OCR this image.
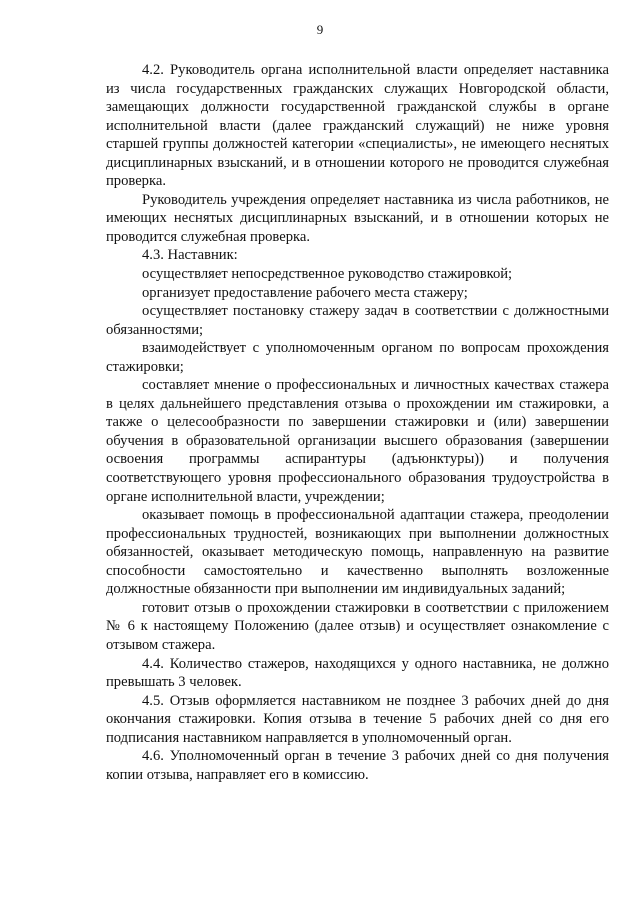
9

4.2. Руководитель органа исполнительной власти определяет наставника из числа государственных гражданских служащих Новгородской области, замещающих должности государственной гражданской службы в органе исполнительной власти (далее гражданский служащий) не ниже уровня старшей группы должностей категории «специалисты», не имеющего неснятых дисциплинарных взысканий, и в отношении которого не проводится служебная проверка.

Руководитель учреждения определяет наставника из числа работников, не имеющих неснятых дисциплинарных взысканий, и в отношении которых не проводится служебная проверка.

4.3. Наставник:

осуществляет непосредственное руководство стажировкой;

организует предоставление рабочего места стажеру;

осуществляет постановку стажеру задач в соответствии с должностными обязанностями;

взаимодействует с уполномоченным органом по вопросам прохождения стажировки;

составляет мнение о профессиональных и личностных качествах стажера в целях дальнейшего представления отзыва о прохождении им стажировки, а также о целесообразности по завершении стажировки и (или) завершении обучения в образовательной организации высшего образования (завершении освоения программы аспирантуры (адъюнктуры)) и получения соответствующего уровня профессионального образования трудоустройства в органе исполнительной власти, учреждении;

оказывает помощь в профессиональной адаптации стажера, преодолении профессиональных трудностей, возникающих при выполнении должностных обязанностей, оказывает методическую помощь, направленную на развитие способности самостоятельно и качественно выполнять возложенные должностные обязанности при выполнении им индивидуальных заданий;

готовит отзыв о прохождении стажировки в соответствии с приложением № 6 к настоящему Положению (далее отзыв) и осуществляет ознакомление с отзывом стажера.

4.4. Количество стажеров, находящихся у одного наставника, не должно превышать 3 человек.

4.5. Отзыв оформляется наставником не позднее 3 рабочих дней до дня окончания стажировки. Копия отзыва в течение 5 рабочих дней со дня его подписания наставником направляется в уполномоченный орган.

4.6. Уполномоченный орган в течение 3 рабочих дней со дня получения копии отзыва, направляет его в комиссию.
